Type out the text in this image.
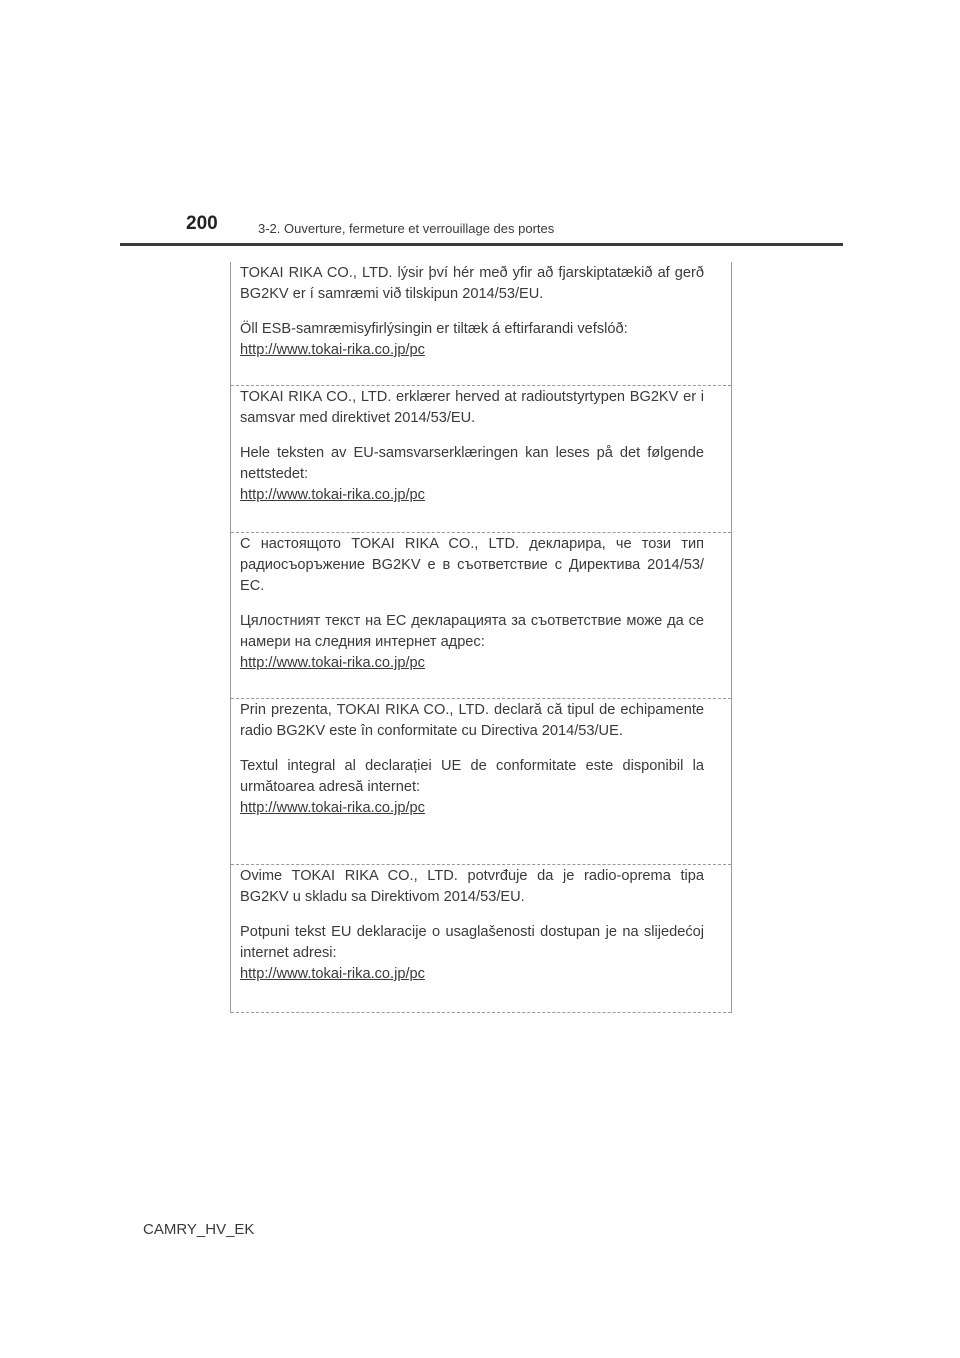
200	3-2. Ouverture, fermeture et verrouillage des portes

TOKAI RIKA CO., LTD. lýsir því hér með yfir að fjarskiptatækið af gerð BG2KV er í samræmi við tilskipun 2014/53/EU.

Öll ESB-samræmisyfirlýsingin er tiltæk á eftirfarandi vefslóð:

http://www.tokai-rika.co.jp/pc

TOKAI RIKA CO., LTD. erklærer herved at radioutstyrtypen BG2KV er i samsvar med direktivet 2014/53/EU.

Hele teksten av EU-samsvarserklæringen kan leses på det følgende nettstedet:

http://www.tokai-rika.co.jp/pc

С настоящото TOKAI RIKA CO., LTD. декларира, че този тип радиосъоръжение BG2KV е в съответствие с Директива 2014/53/ЕС.

Цялостният текст на ЕС декларацията за съответствие може да се намери на следния интернет адрес:

http://www.tokai-rika.co.jp/pc

Prin prezenta, TOKAI RIKA CO., LTD. declară că tipul de echipamente radio BG2KV este în conformitate cu Directiva 2014/53/UE.

Textul integral al declarației UE de conformitate este disponibil la următoarea adresă internet:

http://www.tokai-rika.co.jp/pc

Ovime TOKAI RIKA CO., LTD. potvrđuje da je radio-oprema tipa BG2KV u skladu sa Direktivom 2014/53/EU.

Potpuni tekst EU deklaracije o usaglašenosti dostupan je na slijedećoj internet adresi:

http://www.tokai-rika.co.jp/pc
CAMRY_HV_EK
